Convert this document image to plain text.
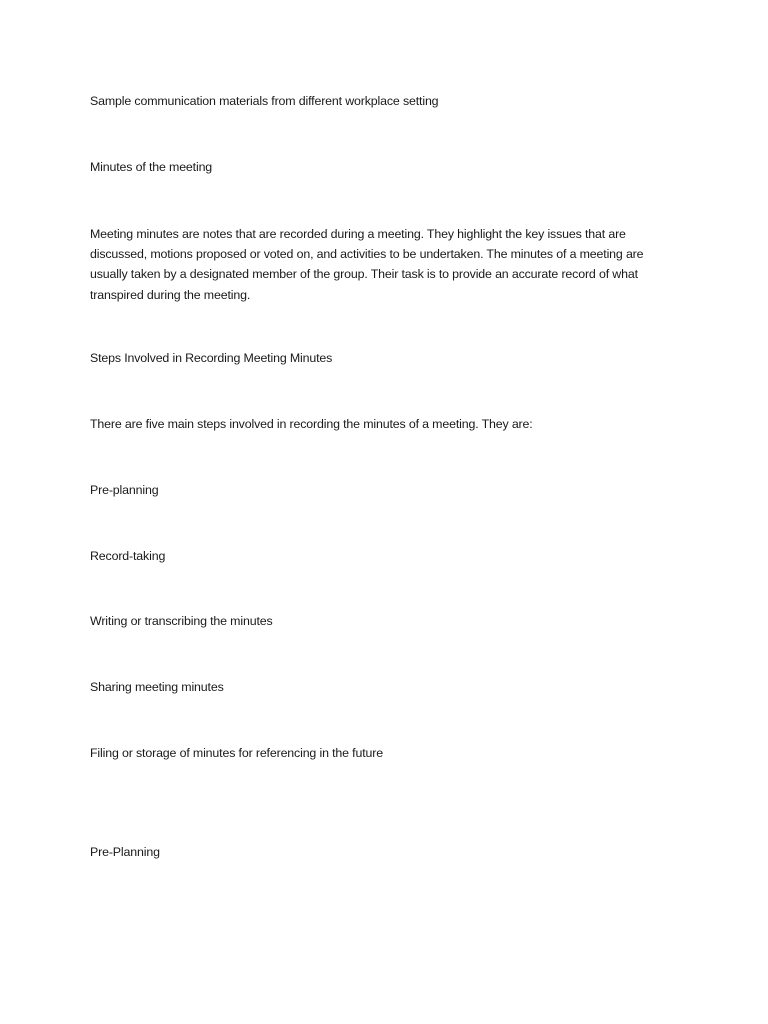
Sample communication materials from different workplace setting

Minutes of the meeting

Meeting minutes are notes that are recorded during a meeting. They highlight the key issues that are
discussed, motions proposed or voted on, and activities to be undertaken. The minutes of a meeting are
usually taken by a designated member of the group. Their task is to provide an accurate record of what
transpired during the meeting.

Steps Involved in Recording Meeting Minutes

There are five main steps involved in recording the minutes of a meeting. They are:

Pre-planning

Record-taking

Writing or transcribing the minutes

Sharing meeting minutes

Filing or storage of minutes for referencing in the future

Pre-Planning
